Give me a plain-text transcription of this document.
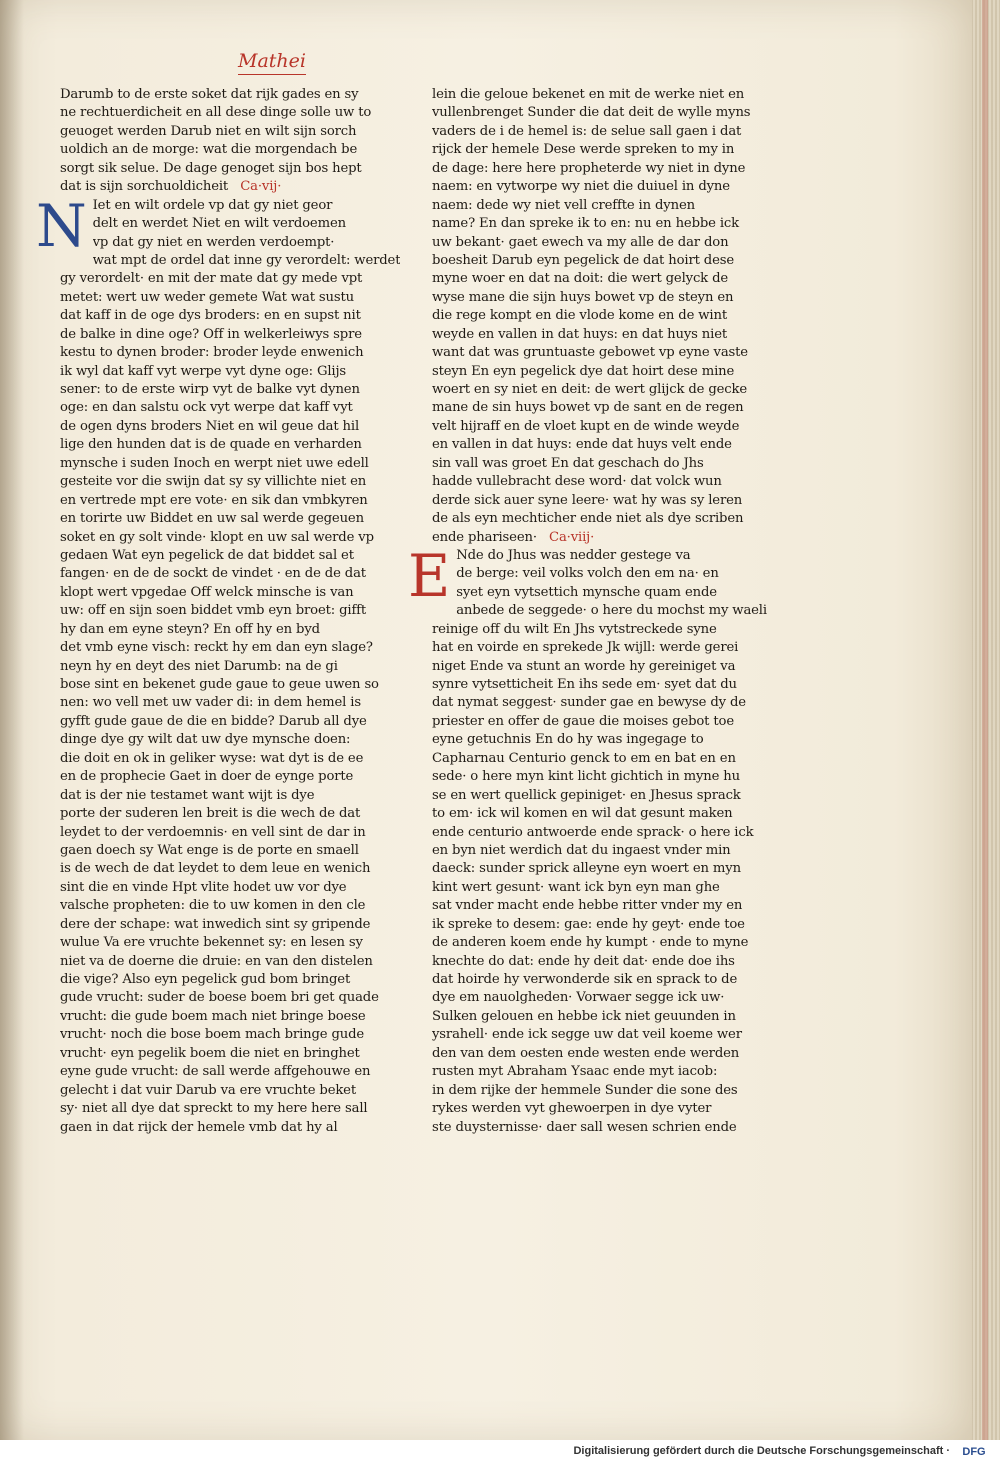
Mathei
Darumb to de erste soket dat rijk gades en sy
ne rechtuerdicheit en all dese dinge solle uw to
geuoget werden Darub niet en wilt sijn sorch
uoldich an de morge: wat die morgendach be
sorgt sik selue. De dage genoget sijn bos hept
dat is sijn sorchuoldicheit   Ca·vij·
N Iet en wilt ordele vp dat gy niet geor
delt en werdet Niet en wilt verdoemen
vp dat gy niet en werden verdoempt·
wat mpt de ordel dat inne gy verordelt: werdet
gy verordelt· en mit der mate dat gy mede vpt
metet: wert uw weder gemete Wat wat sustu
dat kaff in de oge dys broders: en en supst nit
de balke in dine oge? Off in welkerleiwys spre
kestu to dynen broder: broder leyde enwenich
ik wyl dat kaff vyt werpe vyt dyne oge: Glijs
sener: to de erste wirp vyt de balke vyt dynen
oge: en dan salstu ock vyt werpe dat kaff vyt
de ogen dyns broders Niet en wil geue dat hil
lige den hunden dat is de quade en verharden
mynsche i suden Inoch en werpt niet uwe edell
gesteite vor die swijn dat sy sy villichte niet en
en vertrede mpt ere vote· en sik dan vmbkyren
en torirte uw Biddet en uw sal werde gegeuen
soket en gy solt vinde· klopt en uw sal werde vp
gedaen Wat eyn pegelick de dat biddet sal et
fangen· en de de sockt de vindet · en de de dat
klopt wert vpgedae Off welck minsche is van
uw: off en sijn soen biddet vmb eyn broet: gifft
hy dan em eyne steyn? En off hy en byd
det vmb eyne visch: reckt hy em dan eyn slage?
neyn hy en deyt des niet Darumb: na de gi
bose sint en bekenet gude gaue to geue uwen so
nen: wo vell met uw vader di: in dem hemel is
gyfft gude gaue de die en bidde? Darub all dye
dinge dye gy wilt dat uw dye mynsche doen:
die doit en ok in geliker wyse: wat dyt is de ee
en de prophecie Gaet in doer de eynge porte
dat is der nie testamet want wijt is dye
porte der suderen len breit is die wech de dat
leydet to der verdoemnis· en vell sint de dar in
gaen doech sy Wat enge is de porte en smaell
is de wech de dat leydet to dem leue en wenich
sint die en vinde Hpt vlite hodet uw vor dye
valsche propheten: die to uw komen in den cle
dere der schape: wat inwedich sint sy gripende
wulue Va ere vruchte bekennet sy: en lesen sy
niet va de doerne die druie: en van den distelen
die vige? Also eyn pegelick gud bom bringet
gude vrucht: suder de boese boem bri get quade
vrucht: die gude boem mach niet bringe boese
vrucht· noch die bose boem mach bringe gude
vrucht· eyn pegelik boem die niet en bringhet
eyne gude vrucht: de sall werde affgehouwe en
gelecht i dat vuir Darub va ere vruchte beket
sy· niet all dye dat spreckt to my here here sall
gaen in dat rijck der hemele vmb dat hy al
lein die geloue bekenet en mit de werke niet en
vullenbrenget Sunder die dat deit de wylle myns
vaders de i de hemel is: de selue sall gaen i dat
rijck der hemele Dese werde spreken to my in
de dage: here here propheterde wy niet in dyne
naem: en vytworpe wy niet die duiuel in dyne
naem: dede wy niet vell creffte in dynen
name? En dan spreke ik to en: nu en hebbe ick
uw bekant· gaet ewech va my alle de dar don
boesheit Darub eyn pegelick de dat hoirt dese
myne woer en dat na doit: die wert gelyck de
wyse mane die sijn huys bowet vp de steyn en
die rege kompt en die vlode kome en de wint
weyde en vallen in dat huys: en dat huys niet
want dat was gruntuaste gebowet vp eyne vaste
steyn En eyn pegelick dye dat hoirt dese mine
woert en sy niet en deit: de wert glijck de gecke
mane de sin huys bowet vp de sant en de regen
velt hijraff en de vloet kupt en de winde weyde
en vallen in dat huys: ende dat huys velt ende
sin vall was groet En dat geschach do Jhs
hadde vullebracht dese word· dat volck wun
derde sick auer syne leere· wat hy was sy leren
de als eyn mechticher ende niet als dye scriben
ende phariseen·   Ca·viij·
E Nde do Jhus was nedder gestege va
de berge: veil volks volch den em na· en
syet eyn vytsettich mynsche quam ende
anbede de seggede· o here du mochst my waeli
reinige off du wilt En Jhs vytstreckede syne
hat en voirde en sprekede Jk wijll: werde gerei
niget Ende va stunt an worde hy gereiniget va
synre vytsetticheit En ihs sede em· syet dat du
dat nymat seggest· sunder gae en bewyse dy de
priester en offer de gaue die moises gebot toe
eyne getuchnis En do hy was ingegage to
Capharnau Centurio genck to em en bat en en
sede· o here myn kint licht gichtich in myne hu
se en wert quellick gepiniget· en Jhesus sprack
to em· ick wil komen en wil dat gesunt maken
ende centurio antwoerde ende sprack· o here ick
en byn niet werdich dat du ingaest vnder min
daeck: sunder sprick alleyne eyn woert en myn
kint wert gesunt· want ick byn eyn man ghe
sat vnder macht ende hebbe ritter vnder my en
ik spreke to desem: gae: ende hy geyt· ende toe
de anderen koem ende hy kumpt · ende to myne
knechte do dat: ende hy deit dat· ende doe ihs
dat hoirde hy verwonderde sik en sprack to de
dye em nauolgheden· Vorwaer segge ick uw·
Sulken gelouen en hebbe ick niet geuunden in
ysrahell· ende ick segge uw dat veil koeme wer
den van dem oesten ende westen ende werden
rusten myt Abraham Ysaac ende myt iacob:
in dem rijke der hemmele Sunder die sone des
rykes werden vyt ghewoerpen in dye vyter
ste duysternisse· daer sall wesen schrien ende
Digitalisierung gefördert durch die Deutsche Forschungsgemeinschaft ·	DFG
